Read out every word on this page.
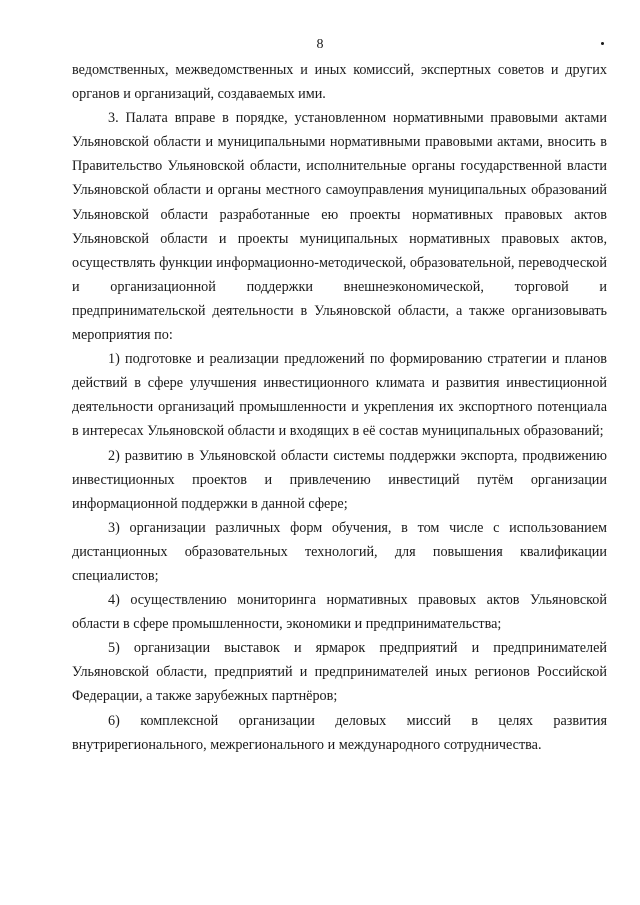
8

ведомственных, межведомственных и иных комиссий, экспертных советов и других органов и организаций, создаваемых ими.

3. Палата вправе в порядке, установленном нормативными правовыми актами Ульяновской области и муниципальными нормативными правовыми актами, вносить в Правительство Ульяновской области, исполнительные органы государственной власти Ульяновской области и органы местного самоуправления муниципальных образований Ульяновской области разработанные ею проекты нормативных правовых актов Ульяновской области и проекты муниципальных нормативных правовых актов, осуществлять функции информационно-методической, образовательной, переводческой и организационной поддержки внешнеэкономической, торговой и предпринимательской деятельности в Ульяновской области, а также организовывать мероприятия по:

1) подготовке и реализации предложений по формированию стратегии и планов действий в сфере улучшения инвестиционного климата и развития инвестиционной деятельности организаций промышленности и укрепления их экспортного потенциала в интересах Ульяновской области и входящих в её состав муниципальных образований;

2) развитию в Ульяновской области системы поддержки экспорта, продвижению инвестиционных проектов и привлечению инвестиций путём организации информационной поддержки в данной сфере;

3) организации различных форм обучения, в том числе с использованием дистанционных образовательных технологий, для повышения квалификации специалистов;

4) осуществлению мониторинга нормативных правовых актов Ульяновской области в сфере промышленности, экономики и предпринимательства;

5) организации выставок и ярмарок предприятий и предпринимателей Ульяновской области, предприятий и предпринимателей иных регионов Российской Федерации, а также зарубежных партнёров;

6) комплексной организации деловых миссий в целях развития внутрирегионального, межрегионального и международного сотрудничества.
